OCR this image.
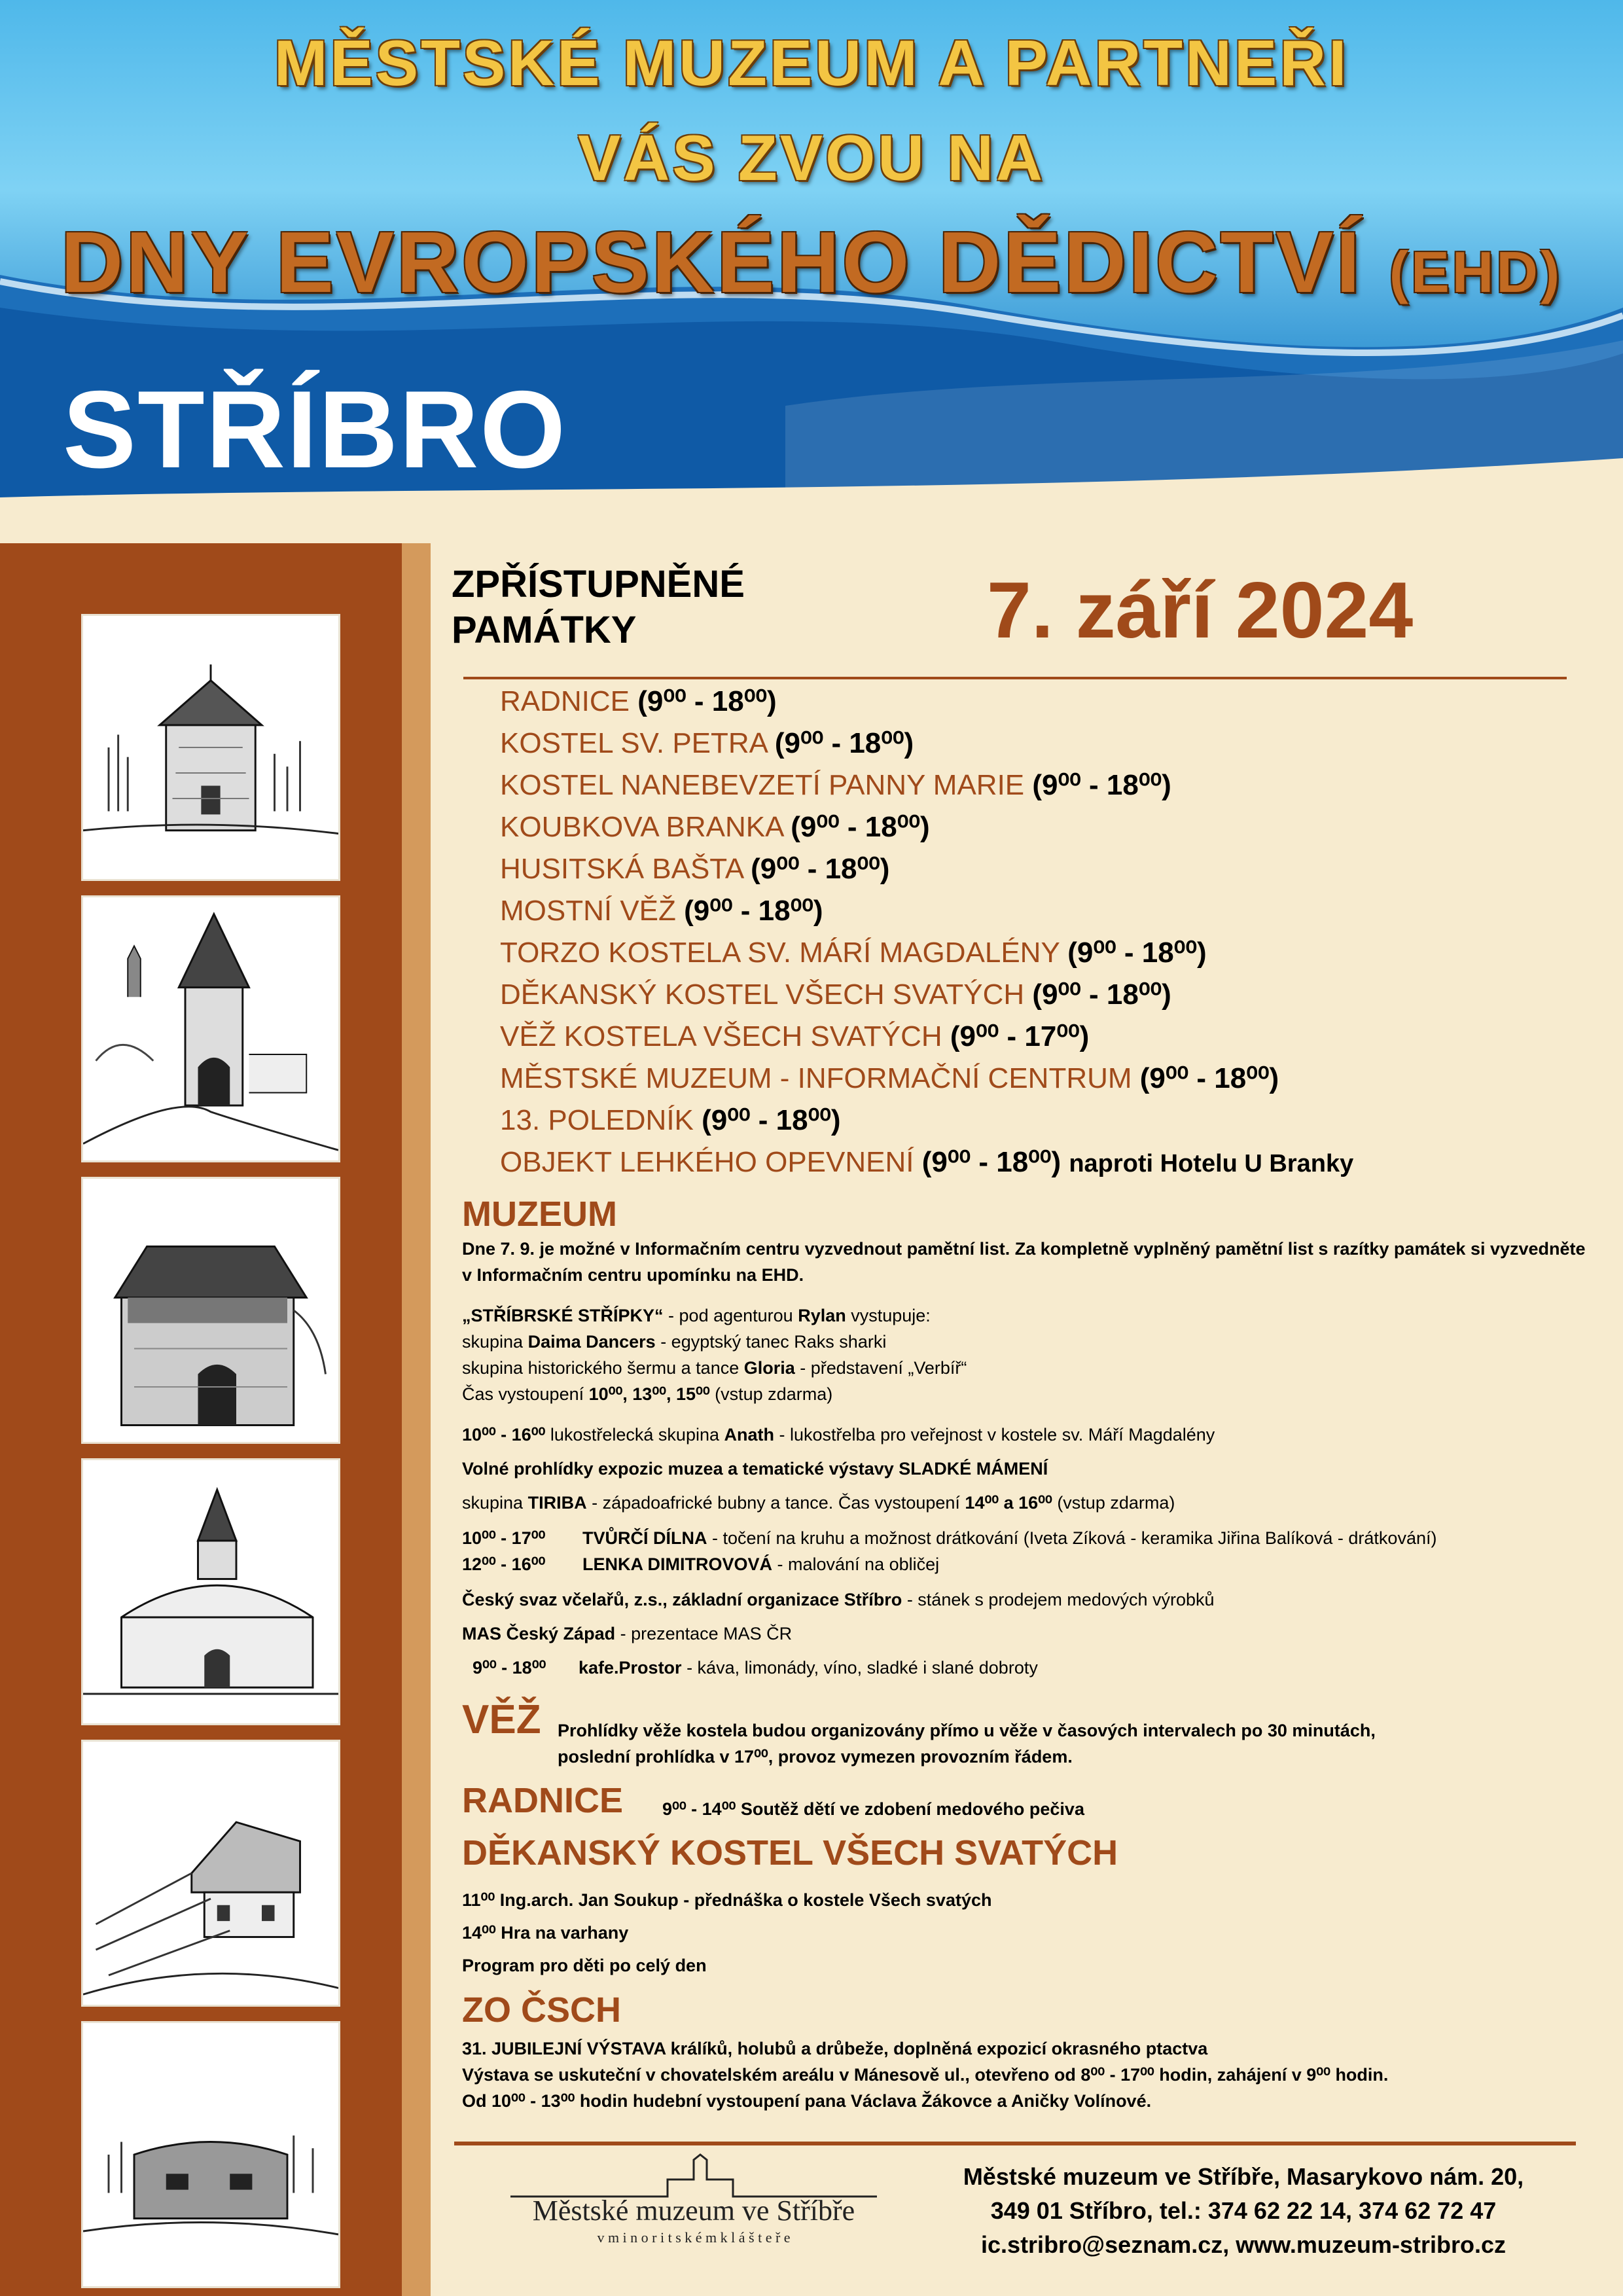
MĚSTSKÉ MUZEUM A PARTNEŘI
VÁS ZVOU NA
DNY EVROPSKÉHO DĚDICTVÍ (EHD)
STŘÍBRO
ZPŘÍSTUPNĚNÉ
PAMÁTKY	7. září 2024
RADNICE (9⁰⁰ - 18⁰⁰)
KOSTEL SV. PETRA (9⁰⁰ - 18⁰⁰)
KOSTEL NANEBEVZETÍ PANNY MARIE (9⁰⁰ - 18⁰⁰)
KOUBKOVA BRANKA (9⁰⁰ - 18⁰⁰)
HUSITSKÁ BAŠTA (9⁰⁰ - 18⁰⁰)
MOSTNÍ VĚŽ (9⁰⁰ - 18⁰⁰)
TORZO KOSTELA SV. MÁRÍ MAGDALÉNY (9⁰⁰ - 18⁰⁰)
DĚKANSKÝ KOSTEL VŠECH SVATÝCH (9⁰⁰ - 18⁰⁰)
VĚŽ KOSTELA VŠECH SVATÝCH (9⁰⁰ - 17⁰⁰)
MĚSTSKÉ MUZEUM - INFORMAČNÍ CENTRUM (9⁰⁰ - 18⁰⁰)
13. POLEDNÍK (9⁰⁰ - 18⁰⁰)
OBJEKT LEHKÉHO OPEVNENÍ (9⁰⁰ - 18⁰⁰) naproti Hotelu U Branky
MUZEUM
Dne 7. 9. je možné v Informačním centru vyzvednout pamětní list. Za kompletně vyplněný pamětní list s razítky památek si vyzvedněte v Informačním centru upomínku na EHD.
„STŘÍBRSKÉ STŘÍPKY“ - pod agenturou Rylan vystupuje:
skupina Daima Dancers - egyptský tanec Raks sharki
skupina historického šermu a tance Gloria - představení „Verbíř“
Čas vystoupení 10⁰⁰, 13⁰⁰, 15⁰⁰ (vstup zdarma)
10⁰⁰ - 16⁰⁰ lukostřelecká skupina Anath - lukostřelba pro veřejnost v kostele sv. Máří Magdalény
Volné prohlídky expozic muzea a tematické výstavy SLADKÉ MÁMENÍ
skupina TIRIBA - západoafrické bubny a tance. Čas vystoupení 14⁰⁰ a 16⁰⁰ (vstup zdarma)
10⁰⁰ - 17⁰⁰ TVŮRČÍ DÍLNA - točení na kruhu a možnost drátkování (Iveta Zíková - keramika Jiřina Balíková - drátkování)
12⁰⁰ - 16⁰⁰ LENKA DIMITROVOVÁ - malování na obličej
Český svaz včelařů, z.s., základní organizace Stříbro - stánek s prodejem medových výrobků
MAS Český Západ - prezentace MAS ČR
9⁰⁰ - 18⁰⁰ kafe.Prostor - káva, limonády, víno, sladké i slané dobroty
VĚŽ Prohlídky věže kostela budou organizovány přímo u věže v časových intervalech po 30 minutách,
poslední prohlídka v 17⁰⁰, provoz vymezen provozním řádem.
RADNICE 9⁰⁰ - 14⁰⁰ Soutěž dětí ve zdobení medového pečiva
DĚKANSKÝ KOSTEL VŠECH SVATÝCH
11⁰⁰ Ing.arch. Jan Soukup - přednáška o kostele Všech svatých
14⁰⁰ Hra na varhany
Program pro děti po celý den
ZO ČSCH
31. JUBILEJNÍ VÝSTAVA králíků, holubů a drůbeže, doplněná expozicí okrasného ptactva
Výstava se uskuteční v chovatelském areálu v Mánesově ul., otevřeno od 8⁰⁰ - 17⁰⁰ hodin, zahájení v 9⁰⁰ hodin.
Od 10⁰⁰ - 13⁰⁰ hodin hudební vystoupení pana Václava Žákovce a Aničky Volínové.
Městské muzeum ve Stříbře
v m i n o r i t s k é m k l á š t e ř e
Městské muzeum ve Stříbře, Masarykovo nám. 20,
349 01 Stříbro, tel.: 374 62 22 14, 374 62 72 47
ic.stribro@seznam.cz, www.muzeum-stribro.cz
